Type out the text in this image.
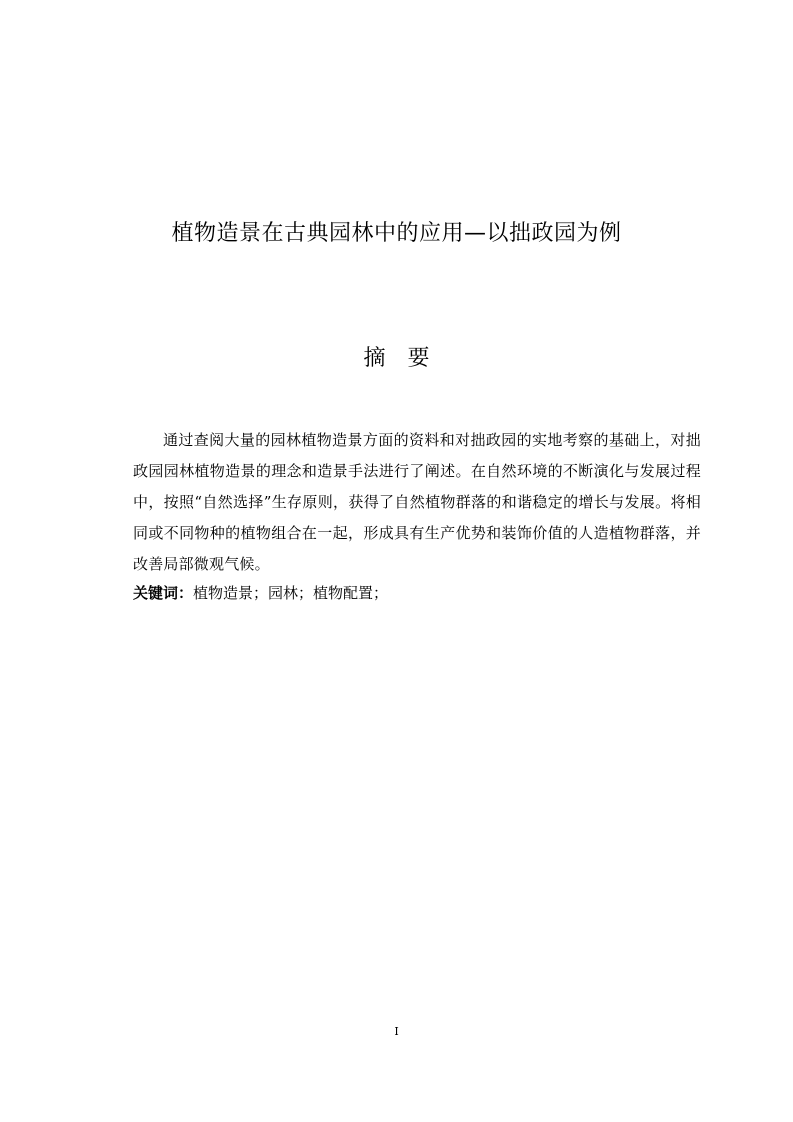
植物造景在古典园林中的应用—以拙政园为例
摘　要

通过查阅大量的园林植物造景方面的资料和对拙政园的实地考察的基础上，对拙政园园林植物造景的理念和造景手法进行了阐述。在自然环境的不断演化与发展过程中，按照“自然选择”生存原则，获得了自然植物群落的和谐稳定的增长与发展。将相同或不同物种的植物组合在一起，形成具有生产优势和装饰价值的人造植物群落，并改善局部微观气候。

关键词：植物造景；园林；植物配置；

I
